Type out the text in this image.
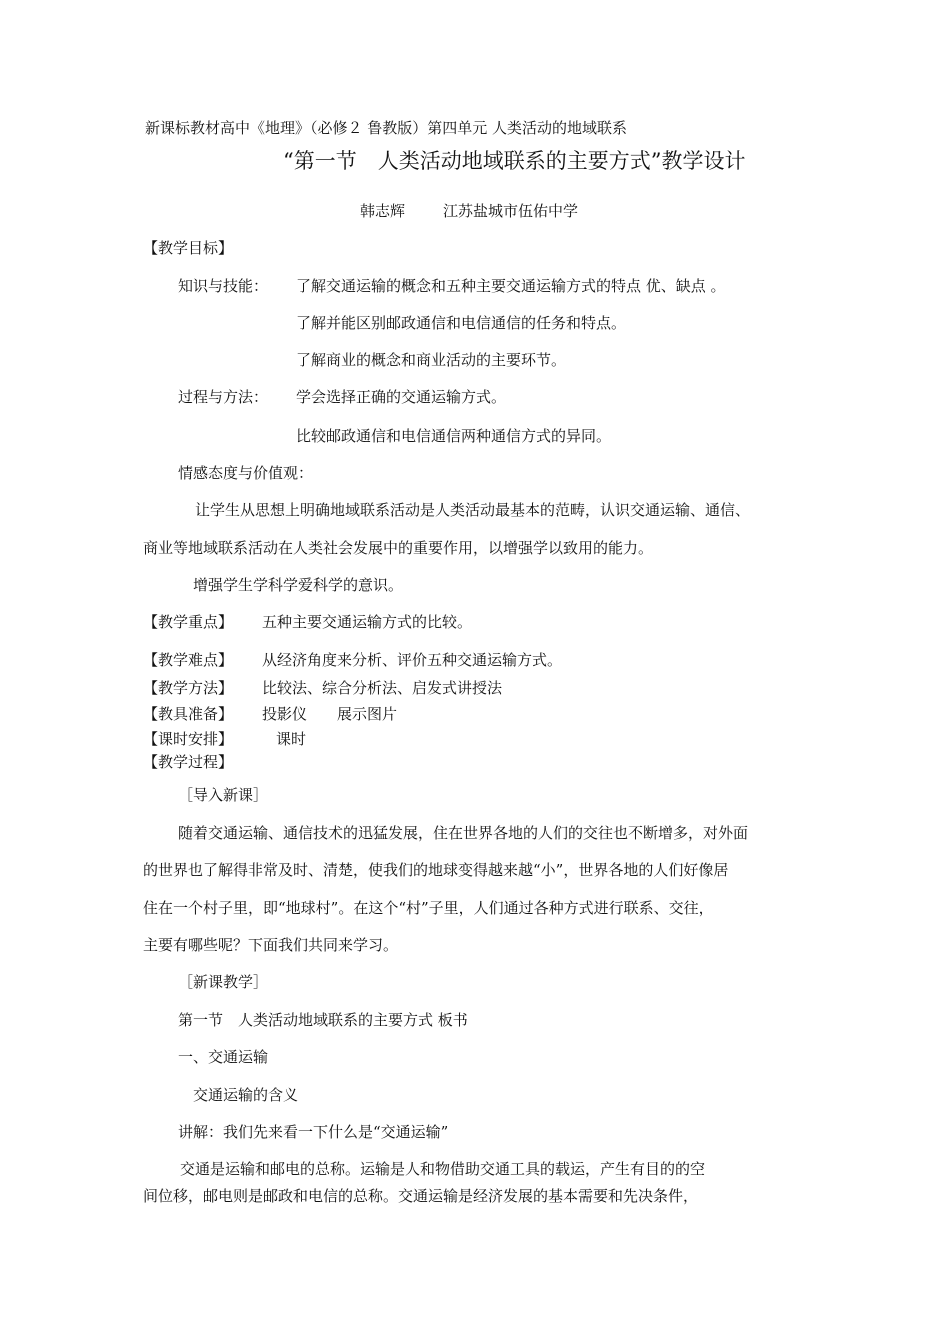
新课标教材高中《地理》（必修２ 鲁教版）第四单元 人类活动的地域联系
“第一节　人类活动地域联系的主要方式”教学设计
韩志辉	江苏盐城市伍佑中学
【教学目标】
知识与技能： 了解交通运输的概念和五种主要交通运输方式的特点 优、缺点 。
了解并能区别邮政通信和电信通信的任务和特点。
了解商业的概念和商业活动的主要环节。
过程与方法： 学会选择正确的交通运输方式。
比较邮政通信和电信通信两种通信方式的异同。
情感态度与价值观：
让学生从思想上明确地域联系活动是人类活动最基本的范畴，认识交通运输、通信、
商业等地域联系活动在人类社会发展中的重要作用，以增强学以致用的能力。
增强学生学科学爱科学的意识。
【教学重点】 五种主要交通运输方式的比较。
【教学难点】 从经济角度来分析、评价五种交通运输方式。
【教学方法】 比较法、综合分析法、启发式讲授法
【教具准备】 投影仪　　展示图片
【课时安排】	课时
【教学过程】
［导入新课］
随着交通运输、通信技术的迅猛发展，住在世界各地的人们的交往也不断增多，对外面
的世界也了解得非常及时、清楚，使我们的地球变得越来越“小”，世界各地的人们好像居
住在一个村子里，即“地球村”。在这个“村”子里，人们通过各种方式进行联系、交往，
主要有哪些呢？下面我们共同来学习。
［新课教学］
第一节　人类活动地域联系的主要方式 板书
一、交通运输
交通运输的含义
讲解：我们先来看一下什么是“交通运输”
交通是运输和邮电的总称。运输是人和物借助交通工具的载运，产生有目的的空
间位移，邮电则是邮政和电信的总称。交通运输是经济发展的基本需要和先决条件，
